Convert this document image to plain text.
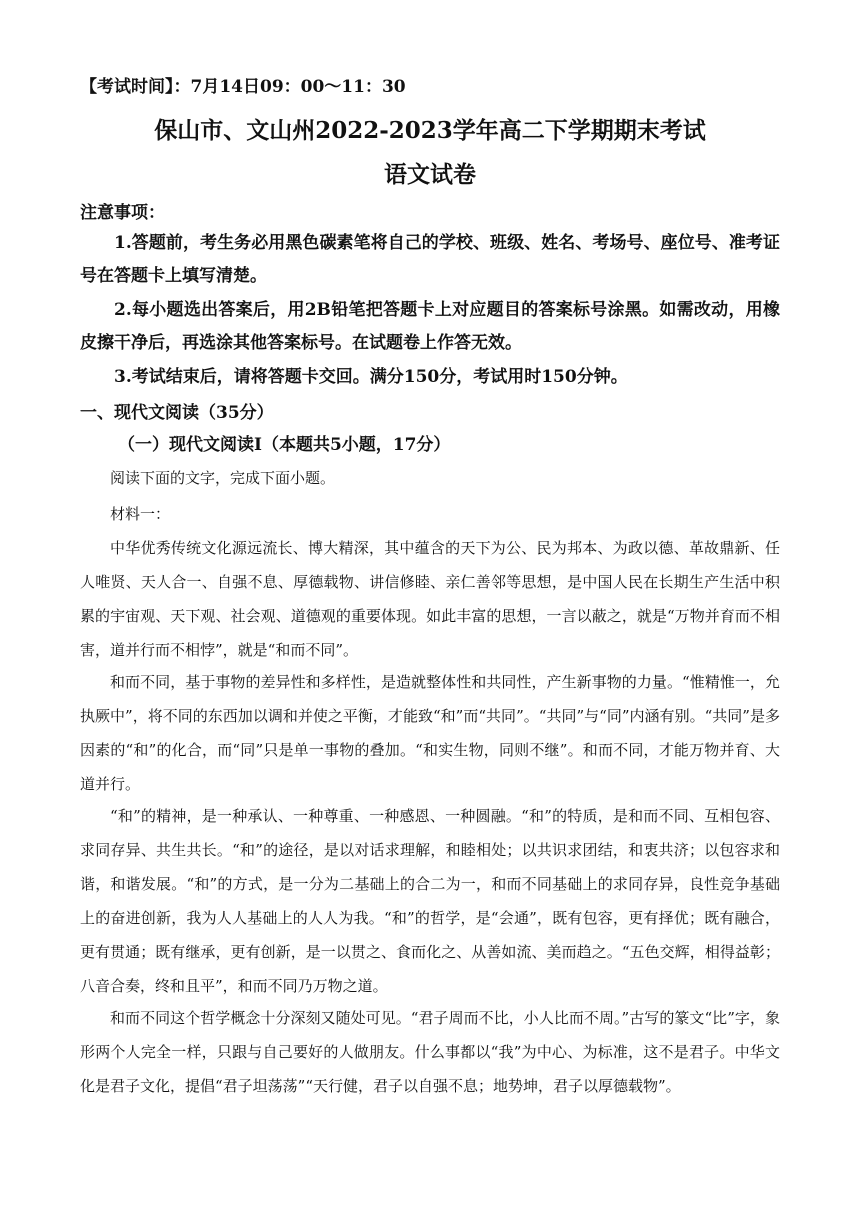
【考试时间】：7月14日09：00～11：30
保山市、文山州2022-2023学年高二下学期期末考试
语文试卷
注意事项：

1.答题前，考生务必用黑色碳素笔将自己的学校、班级、姓名、考场号、座位号、准考证号在答题卡上填写清楚。

2.每小题选出答案后，用2B铅笔把答题卡上对应题目的答案标号涂黑。如需改动，用橡皮擦干净后，再选涂其他答案标号。在试题卷上作答无效。

3.考试结束后，请将答题卡交回。满分150分，考试用时150分钟。

一、现代文阅读（35分）
（一）现代文阅读Ⅰ（本题共5小题，17分）

阅读下面的文字，完成下面小题。

材料一：

中华优秀传统文化源远流长、博大精深，其中蕴含的天下为公、民为邦本、为政以德、革故鼎新、任人唯贤、天人合一、自强不息、厚德载物、讲信修睦、亲仁善邻等思想，是中国人民在长期生产生活中积累的宇宙观、天下观、社会观、道德观的重要体现。如此丰富的思想，一言以蔽之，就是“万物并育而不相害，道并行而不相悖”，就是“和而不同”。

和而不同，基于事物的差异性和多样性，是造就整体性和共同性，产生新事物的力量。“惟精惟一，允执厥中”，将不同的东西加以调和并使之平衡，才能致“和”而“共同”。“共同”与“同”内涵有别。“共同”是多因素的“和”的化合，而“同”只是单一事物的叠加。“和实生物，同则不继”。和而不同，才能万物并育、大道并行。

“和”的精神，是一种承认、一种尊重、一种感恩、一种圆融。“和”的特质，是和而不同、互相包容、求同存异、共生共长。“和”的途径，是以对话求理解，和睦相处；以共识求团结，和衷共济；以包容求和谐，和谐发展。“和”的方式，是一分为二基础上的合二为一，和而不同基础上的求同存异，良性竞争基础上的奋进创新，我为人人基础上的人人为我。“和”的哲学，是“会通”，既有包容，更有择优；既有融合，更有贯通；既有继承，更有创新，是一以贯之、食而化之、从善如流、美而趋之。“五色交辉，相得益彰；八音合奏，终和且平”，和而不同乃万物之道。

和而不同这个哲学概念十分深刻又随处可见。“君子周而不比，小人比而不周。”古写的篆文“比”字，象形两个人完全一样，只跟与自己要好的人做朋友。什么事都以“我”为中心、为标准，这不是君子。中华文化是君子文化，提倡“君子坦荡荡”“天行健，君子以自强不息；地势坤，君子以厚德载物”。
